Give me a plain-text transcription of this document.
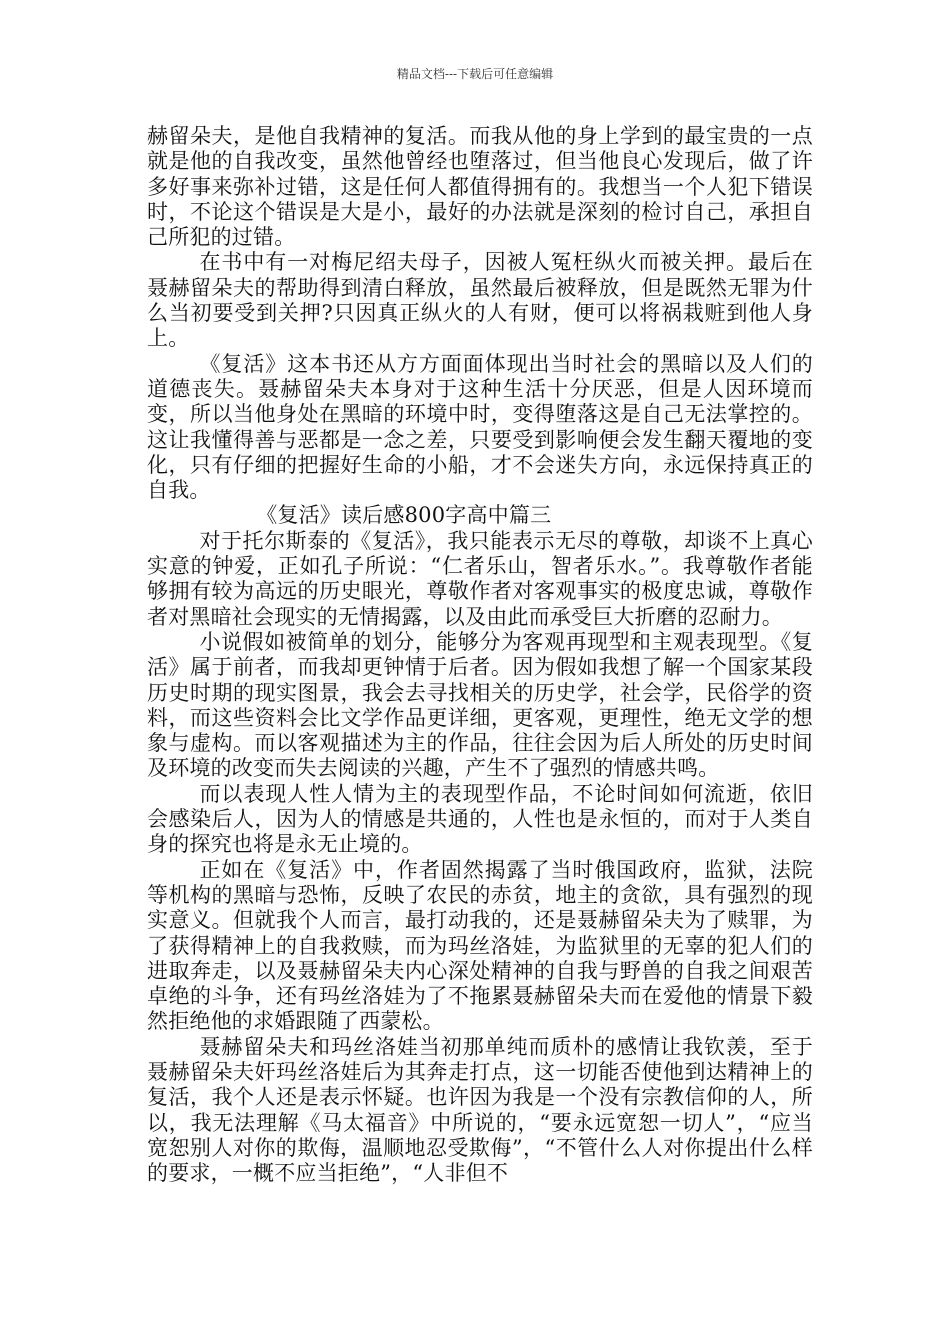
精品文档---下载后可任意编辑

赫留朵夫，是他自我精神的复活。而我从他的身上学到的最宝贵的一点就是他的自我改变，虽然他曾经也堕落过，但当他良心发现后，做了许多好事来弥补过错，这是任何人都值得拥有的。我想当一个人犯下错误时，不论这个错误是大是小，最好的办法就是深刻的检讨自己，承担自己所犯的过错。

在书中有一对梅尼绍夫母子，因被人冤枉纵火而被关押。最后在聂赫留朵夫的帮助得到清白释放，虽然最后被释放，但是既然无罪为什么当初要受到关押?只因真正纵火的人有财，便可以将祸栽赃到他人身上。

《复活》这本书还从方方面面体现出当时社会的黑暗以及人们的道德丧失。聂赫留朵夫本身对于这种生活十分厌恶，但是人因环境而变，所以当他身处在黑暗的环境中时，变得堕落这是自己无法掌控的。这让我懂得善与恶都是一念之差，只要受到影响便会发生翻天覆地的变化，只有仔细的把握好生命的小船，才不会迷失方向，永远保持真正的自我。

《复活》读后感800字高中篇三

对于托尔斯泰的《复活》，我只能表示无尽的尊敬，却谈不上真心实意的钟爱，正如孔子所说：“仁者乐山，智者乐水。”。我尊敬作者能够拥有较为高远的历史眼光，尊敬作者对客观事实的极度忠诚，尊敬作者对黑暗社会现实的无情揭露，以及由此而承受巨大折磨的忍耐力。

小说假如被简单的划分，能够分为客观再现型和主观表现型。《复活》属于前者，而我却更钟情于后者。因为假如我想了解一个国家某段历史时期的现实图景，我会去寻找相关的历史学，社会学，民俗学的资料，而这些资料会比文学作品更详细，更客观，更理性，绝无文学的想象与虚构。而以客观描述为主的作品，往往会因为后人所处的历史时间及环境的改变而失去阅读的兴趣，产生不了强烈的情感共鸣。

而以表现人性人情为主的表现型作品，不论时间如何流逝，依旧会感染后人，因为人的情感是共通的，人性也是永恒的，而对于人类自身的探究也将是永无止境的。

正如在《复活》中，作者固然揭露了当时俄国政府，监狱，法院等机构的黑暗与恐怖，反映了农民的赤贫，地主的贪欲，具有强烈的现实意义。但就我个人而言，最打动我的，还是聂赫留朵夫为了赎罪，为了获得精神上的自我救赎，而为玛丝洛娃，为监狱里的无辜的犯人们的进取奔走，以及聂赫留朵夫内心深处精神的自我与野兽的自我之间艰苦卓绝的斗争，还有玛丝洛娃为了不拖累聂赫留朵夫而在爱他的情景下毅然拒绝他的求婚跟随了西蒙松。

聂赫留朵夫和玛丝洛娃当初那单纯而质朴的感情让我钦羡，至于聂赫留朵夫奸玛丝洛娃后为其奔走打点，这一切能否使他到达精神上的复活，我个人还是表示怀疑。也许因为我是一个没有宗教信仰的人，所以，我无法理解《马太福音》中所说的，“要永远宽恕一切人”，“应当宽恕别人对你的欺侮，温顺地忍受欺侮”，“不管什么人对你提出什么样的要求，一概不应当拒绝”，“人非但不
